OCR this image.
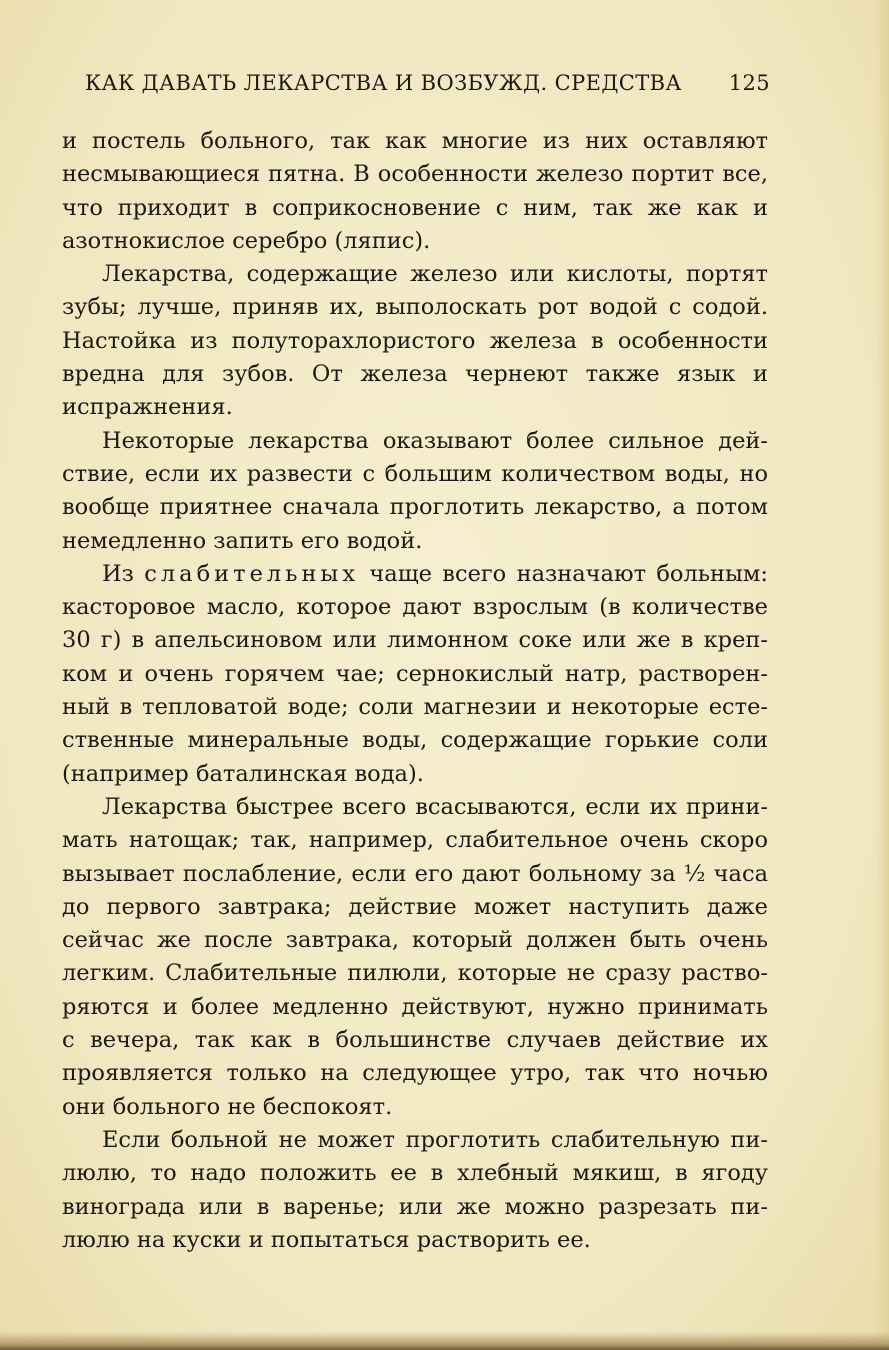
КАК ДАВАТЬ ЛЕКАРСТВА И ВОЗБУЖД. СРЕДСТВА 125
и постель больного, так как многие из них оставляют
несмывающиеся пятна. В особенности железо портит все,
что приходит в соприкосновение с ним, так же как и
азотнокислое серебро (ляпис).
Лекарства, содержащие железо или кислоты, портят
зубы; лучше, приняв их, выполоскать рот водой с содой.
Настойка из полуторахлористого железа в особенности
вредна для зубов. От железа чернеют также язык и
испражнения.
Некоторые лекарства оказывают более сильное дей-
ствие, если их развести с большим количеством воды, но
вообще приятнее сначала проглотить лекарство, а потом
немедленно запить его водой.
Из слабительных чаще всего назначают больным:
касторовое масло, которое дают взрослым (в количестве
30 г) в апельсиновом или лимонном соке или же в креп-
ком и очень горячем чае; сернокислый натр, растворен-
ный в тепловатой воде; соли магнезии и некоторые есте-
ственные минеральные воды, содержащие горькие соли
(например баталинская вода).
Лекарства быстрее всего всасываются, если их прини-
мать натощак; так, например, слабительное очень скоро
вызывает послабление, если его дают больному за ½ часа
до первого завтрака; действие может наступить даже
сейчас же после завтрака, который должен быть очень
легким. Слабительные пилюли, которые не сразу раство-
ряются и более медленно действуют, нужно принимать
с вечера, так как в большинстве случаев действие их
проявляется только на следующее утро, так что ночью
они больного не беспокоят.
Если больной не может проглотить слабительную пи-
люлю, то надо положить ее в хлебный мякиш, в ягоду
винограда или в варенье; или же можно разрезать пи-
люлю на куски и попытаться растворить ее.
